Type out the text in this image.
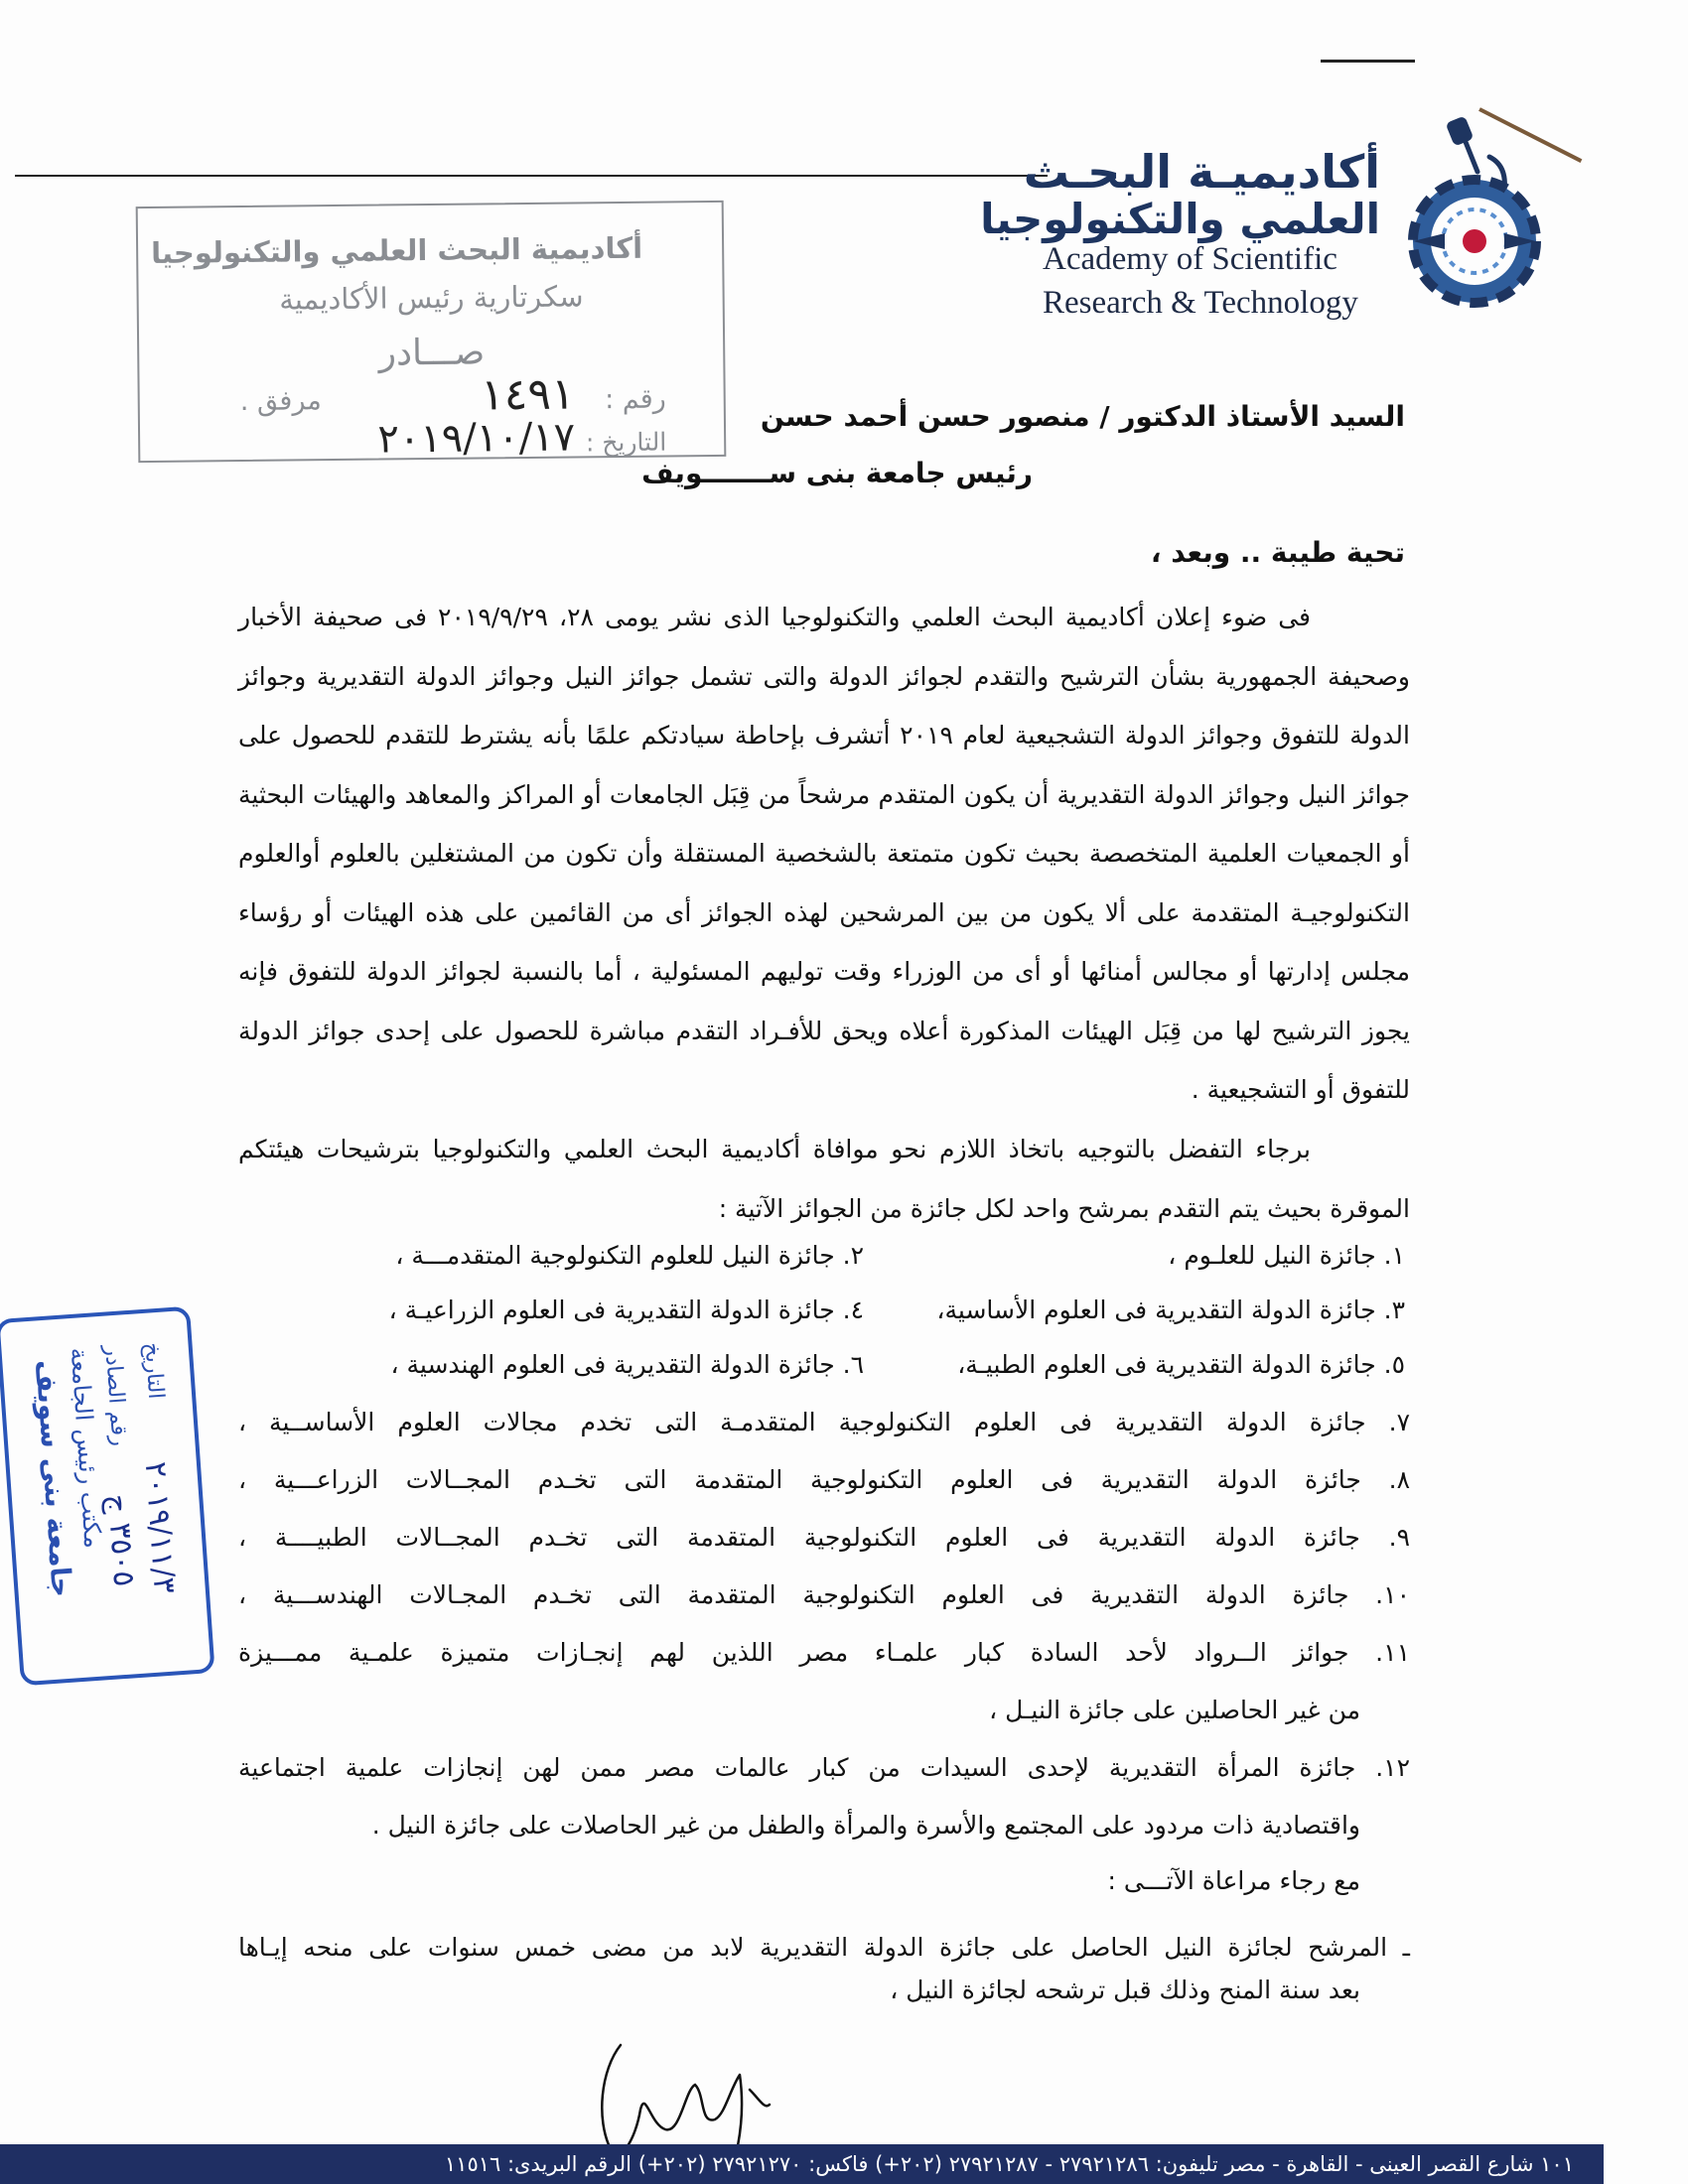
أكاديميـة البحـث
العلمي والتكنولوجيا
Academy of Scientific
Research & Technology
أكاديمية البحث العلمي والتكنولوجيا
سكرتارية رئيس الأكاديمية
صـــادر
رقم :
١٤٩١
مرفق .
التاريخ :
٢٠١٩/١٠/١٧	السيد الأستاذ الدكتور / منصور حسن أحمد حسن
رئيس جامعة بنى ســـــــويف
تحية طيبة .. وبعد ،
فى ضوء إعلان أكاديمية البحث العلمي والتكنولوجيا الذى نشر يومى ٢٨، ٢٠١٩/٩/٢٩ فى صحيفة الأخبار وصحيفة الجمهورية بشأن الترشيح والتقدم لجوائز الدولة والتى تشمل جوائز النيل وجوائز الدولة التقديرية وجوائز الدولة للتفوق وجوائز الدولة التشجيعية لعام ٢٠١٩ أتشرف بإحاطة سيادتكم علمًا بأنه يشترط للتقدم للحصول على جوائز النيل وجوائز الدولة التقديرية أن يكون المتقدم مرشحاً من قِبَل الجامعات أو المراكز والمعاهد والهيئات البحثية أو الجمعيات العلمية المتخصصة بحيث تكون متمتعة بالشخصية المستقلة وأن تكون من المشتغلين بالعلوم أوالعلوم التكنولوجيـة المتقدمة على ألا يكون من بين المرشحين لهذه الجوائز أى من القائمين على هذه الهيئات أو رؤساء مجلس إدارتها أو مجالس أمنائها أو أى من الوزراء وقت توليهم المسئولية ، أما بالنسبة لجوائز الدولة للتفوق فإنه يجوز الترشيح لها من قِبَل الهيئات المذكورة أعلاه ويحق للأفـراد التقدم مباشرة للحصول على إحدى جوائز الدولة للتفوق أو التشجيعية .
برجاء التفضل بالتوجيه باتخاذ اللازم نحو موافاة أكاديمية البحث العلمي والتكنولوجيا بترشيحات هيئتكم الموقرة بحيث يتم التقدم بمرشح واحد لكل جائزة من الجوائز الآتية :
١. جائزة النيل للعلـوم ،
٢. جائزة النيل للعلوم التكنولوجية المتقدمـــة ،
٣. جائزة الدولة التقديرية فى العلوم الأساسية،
٤. جائزة الدولة التقديرية فى العلوم الزراعيـة ،
٥. جائزة الدولة التقديرية فى العلوم الطبيـة،
٦. جائزة الدولة التقديرية فى العلوم الهندسية ،
٧. جائزة الدولة التقديرية فى العلوم التكنولوجية المتقدمـة التى تخدم مجالات العلوم الأساســية ،
٨. جائزة الدولة التقديرية فى العلوم التكنولوجية المتقدمة التى تخـدم المجــالات الزراعـــية ،
٩. جائزة الدولة التقديرية فى العلوم التكنولوجية المتقدمة التى تخـدم المجــالات الطبيــــة ،
١٠. جائزة الدولة التقديرية فى العلوم التكنولوجية المتقدمة التى تخـدم المجـالات الهندســـية ،
١١. جوائز الــرواد لأحد السادة كبار علمـاء مصر اللذين لهم إنجـازات متميزة علمـية ممـــيزة
من غير الحاصلين على جائزة النيـل ،
١٢. جائزة المرأة التقديرية لإحدى السيدات من كبار عالمات مصر ممن لهن إنجازات علمية اجتماعية
واقتصادية ذات مردود على المجتمع والأسرة والمرأة والطفل من غير الحاصلات على جائزة النيل .
مع رجاء مراعاة الآتـــى :
ـ المرشح لجائزة النيل الحاصل على جائزة الدولة التقديرية لابد من مضى خمس سنوات على منحه إيـاها
بعد سنة المنح وذلك قبل ترشحه لجائزة النيل ،
جامعة بنى سويف
مكتب رئيس الجامعة
رقم الصادر
٣٥٠٥ ج
التاريخ
٢٠١٩/١١/٣
١٠١ شارع القصر العينى - القاهرة - مصر تليفون: ٢٧٩٢١٢٨٦ - ٢٧٩٢١٢٨٧ (٢٠٢+) فاكس: ٢٧٩٢١٢٧٠ (٢٠٢+) الرقم البريدى: ١١٥١٦
